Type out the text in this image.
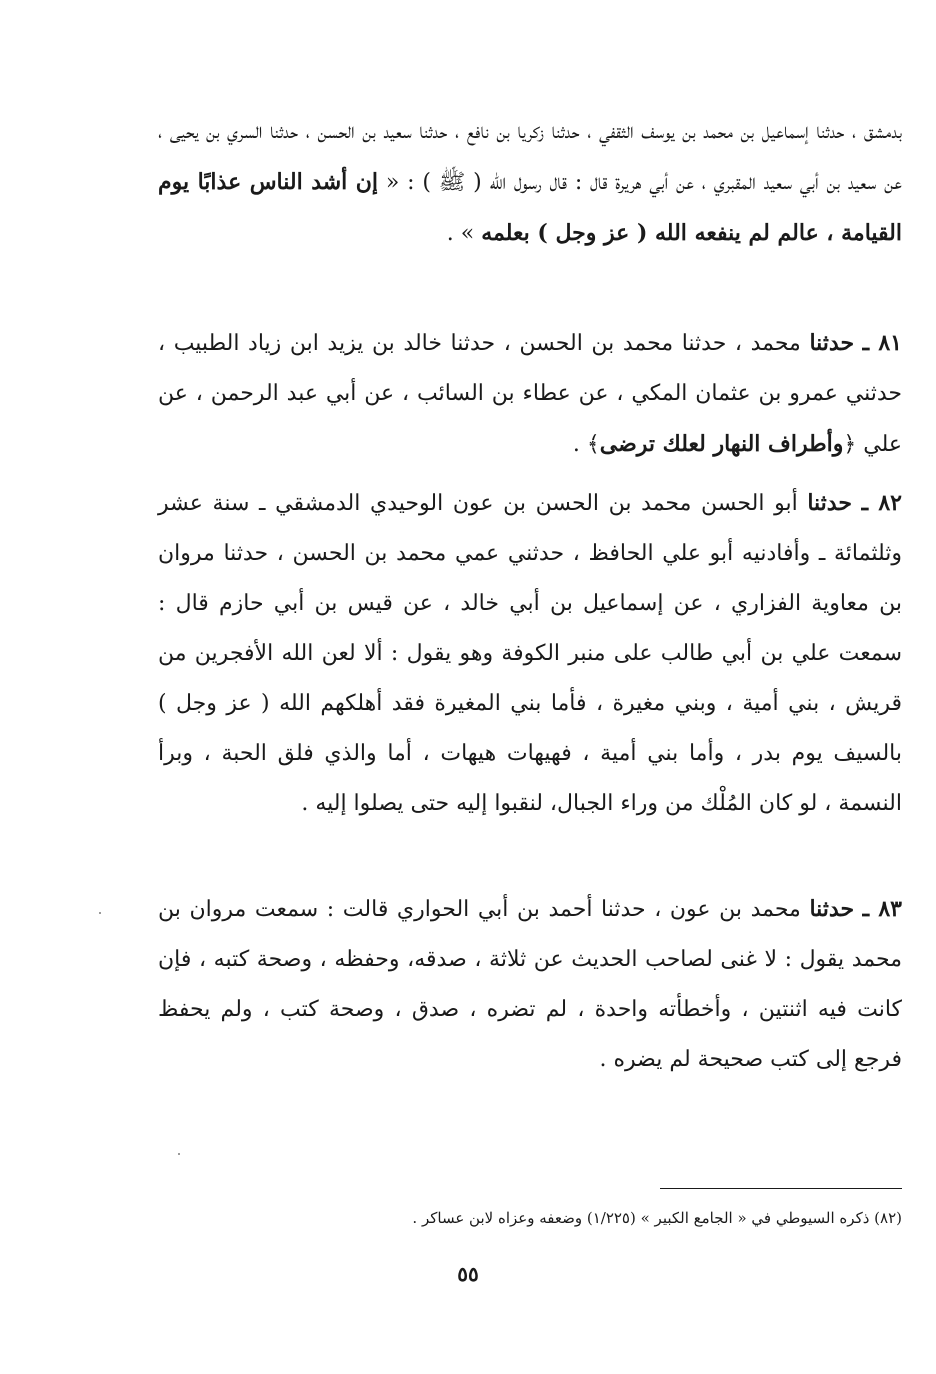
بدمشق ، حدثنا إسماعيل بن محمد بن يوسف الثقفي ، حدثنا زكريا بن نافع ، حدثنا سعيد بن الحسن ، حدثنا السري بن يحيى ، عن سعيد بن أبي سعيد المقبري ، عن أبي هريرة قال : قال رسول الله ( ﷺ ) : « إن أشد الناس عذابًا يوم القيامة ، عالم لم ينفعه الله ( عز وجل ) بعلمه » .

٨١ ـ حدثنا محمد ، حدثنا محمد بن الحسن ، حدثنا خالد بن يزيد ابن زياد الطبيب ، حدثني عمرو بن عثمان المكي ، عن عطاء بن السائب ، عن أبي عبد الرحمن ، عن علي ﴿وأطراف النهار لعلك ترضى﴾ .

٨٢ ـ حدثنا أبو الحسن محمد بن الحسن بن عون الوحيدي الدمشقي ـ سنة عشر وثلثمائة ـ وأفادنيه أبو علي الحافظ ، حدثني عمي محمد بن الحسن ، حدثنا مروان بن معاوية الفزاري ، عن إسماعيل بن أبي خالد ، عن قيس بن أبي حازم قال : سمعت علي بن أبي طالب على منبر الكوفة وهو يقول : ألا لعن الله الأفجرين من قريش ، بني أمية ، وبني مغيرة ، فأما بني المغيرة فقد أهلكهم الله ( عز وجل ) بالسيف يوم بدر ، وأما بني أمية ، فهيهات هيهات ، أما والذي فلق الحبة ، وبرأ النسمة ، لو كان المُلْك من وراء الجبال، لنقبوا إليه حتى يصلوا إليه .

٨٣ ـ حدثنا محمد بن عون ، حدثنا أحمد بن أبي الحواري قالت : سمعت مروان بن محمد يقول : لا غنى لصاحب الحديث عن ثلاثة ، صدقه، وحفظه ، وصحة كتبه ، فإن كانت فيه اثنتين ، وأخطأته واحدة ، لم تضره ، صدق ، وصحة كتب ، ولم يحفظ فرجع إلى كتب صحيحة لم يضره .

(٨٢) ذكره السيوطي في « الجامع الكبير » (١/٢٢٥) وضعفه وعزاه لابن عساكر .

٥٥
